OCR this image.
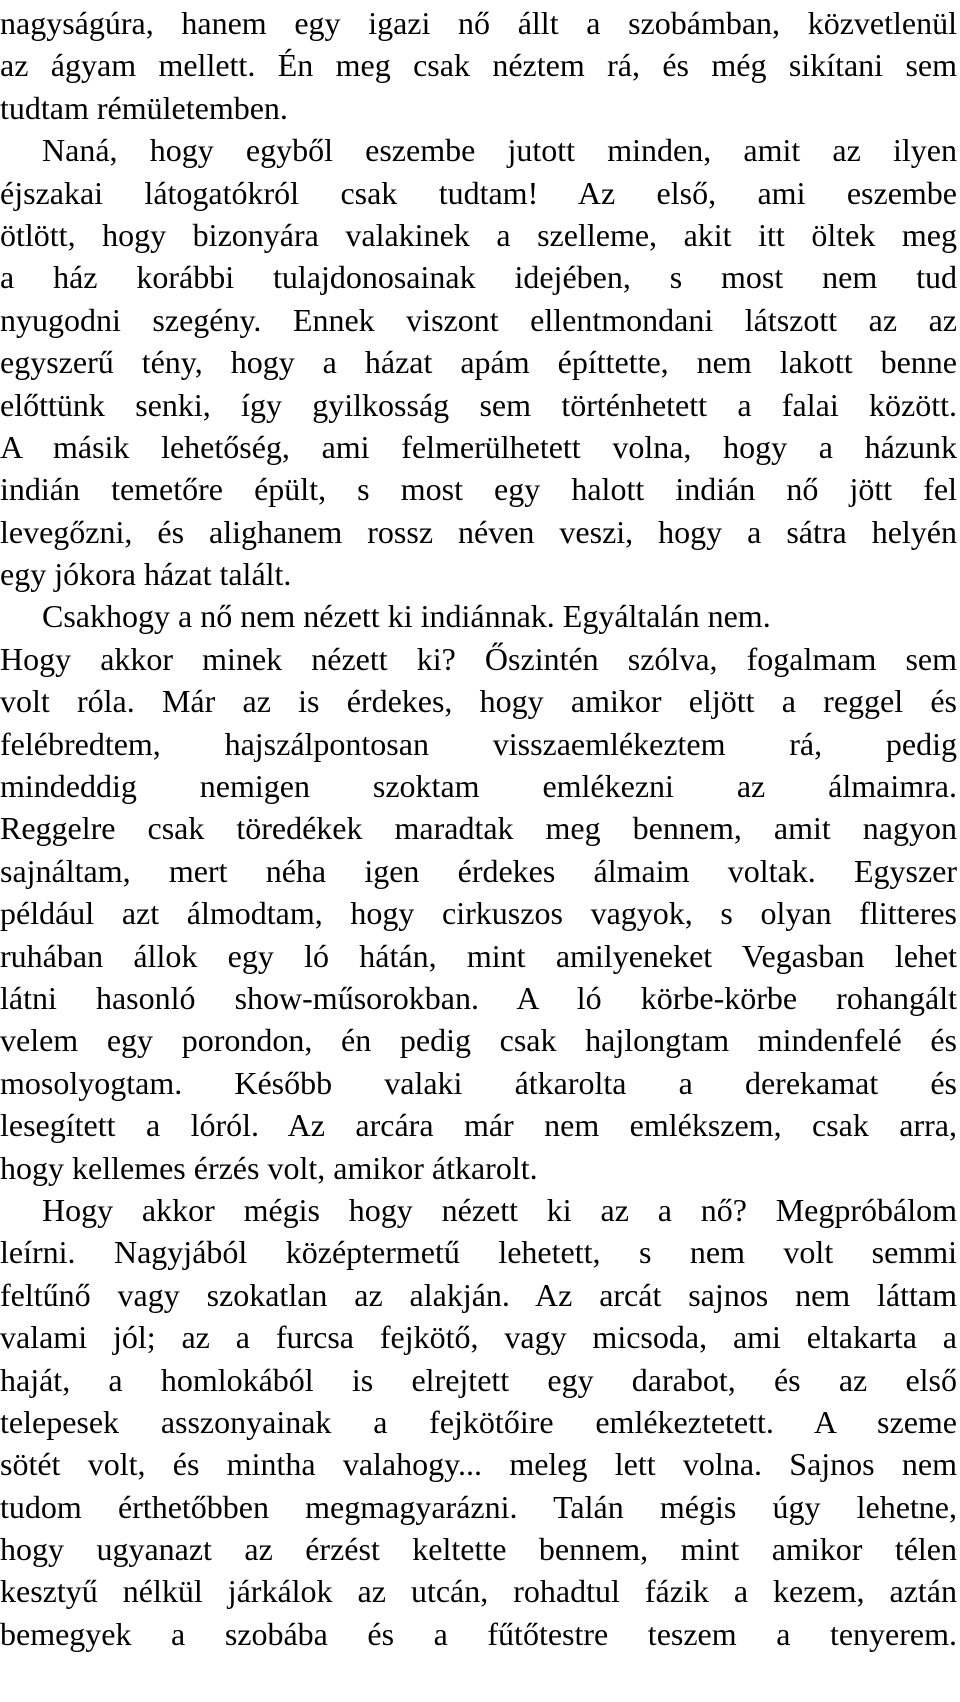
nagyságúra, hanem egy igazi nő állt a szobámban, közvetlenül
az ágyam mellett. Én meg csak néztem rá, és még sikítani sem
tudtam rémületemben.
Naná, hogy egyből eszembe jutott minden, amit az ilyen
éjszakai látogatókról csak tudtam! Az első, ami eszembe
ötlött, hogy bizonyára valakinek a szelleme, akit itt öltek meg
a ház korábbi tulajdonosainak idejében, s most nem tud
nyugodni szegény. Ennek viszont ellentmondani látszott az az
egyszerű tény, hogy a házat apám építtette, nem lakott benne
előttünk senki, így gyilkosság sem történhetett a falai között.
A másik lehetőség, ami felmerülhetett volna, hogy a házunk
indián temetőre épült, s most egy halott indián nő jött fel
levegőzni, és alighanem rossz néven veszi, hogy a sátra helyén
egy jókora házat talált.
Csakhogy a nő nem nézett ki indiánnak. Egyáltalán nem.
Hogy akkor minek nézett ki? Őszintén szólva, fogalmam sem
volt róla. Már az is érdekes, hogy amikor eljött a reggel és
felébredtem, hajszálpontosan visszaemlékeztem rá, pedig
mindeddig nemigen szoktam emlékezni az álmaimra.
Reggelre csak töredékek maradtak meg bennem, amit nagyon
sajnáltam, mert néha igen érdekes álmaim voltak. Egyszer
például azt álmodtam, hogy cirkuszos vagyok, s olyan flitteres
ruhában állok egy ló hátán, mint amilyeneket Vegasban lehet
látni hasonló show-műsorokban. A ló körbe-körbe rohangált
velem egy porondon, én pedig csak hajlongtam mindenfelé és
mosolyogtam. Később valaki átkarolta a derekamat és
lesegített a lóról. Az arcára már nem emlékszem, csak arra,
hogy kellemes érzés volt, amikor átkarolt.
Hogy akkor mégis hogy nézett ki az a nő? Megpróbálom
leírni. Nagyjából középtermetű lehetett, s nem volt semmi
feltűnő vagy szokatlan az alakján. Az arcát sajnos nem láttam
valami jól; az a furcsa fejkötő, vagy micsoda, ami eltakarta a
haját, a homlokából is elrejtett egy darabot, és az első
telepesek asszonyainak a fejkötőire emlékeztetett. A szeme
sötét volt, és mintha valahogy... meleg lett volna. Sajnos nem
tudom érthetőbben megmagyarázni. Talán mégis úgy lehetne,
hogy ugyanazt az érzést keltette bennem, mint amikor télen
kesztyű nélkül járkálok az utcán, rohadtul fázik a kezem, aztán
bemegyek a szobába és a fűtőtestre teszem a tenyerem.
